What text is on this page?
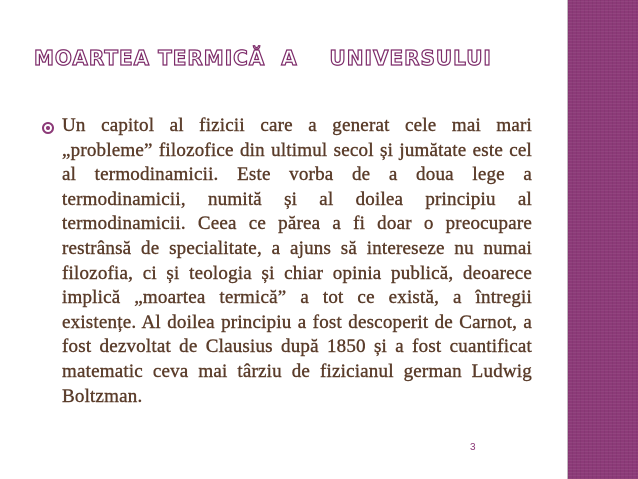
MOARTEA TERMICĂ  A    UNIVERSULUI

Un capitol al fizicii care a generat cele mai mari „probleme” filozofice din ultimul secol și jumătate este cel al termodinamicii. Este vorba de a doua lege a termodinamicii, numită și al doilea principiu al termodinamicii. Ceea ce părea a fi doar o preocupare restrânsă de specialitate, a ajuns să intereseze nu numai filozofia, ci și teologia și chiar opinia publică, deoarece implică „moartea termică” a tot ce există, a întregii existențe. Al doilea principiu a fost descoperit de Carnot, a fost dezvoltat de Clausius după 1850 și a fost cuantificat matematic ceva mai târziu de fizicianul german Ludwig Boltzman.

3
